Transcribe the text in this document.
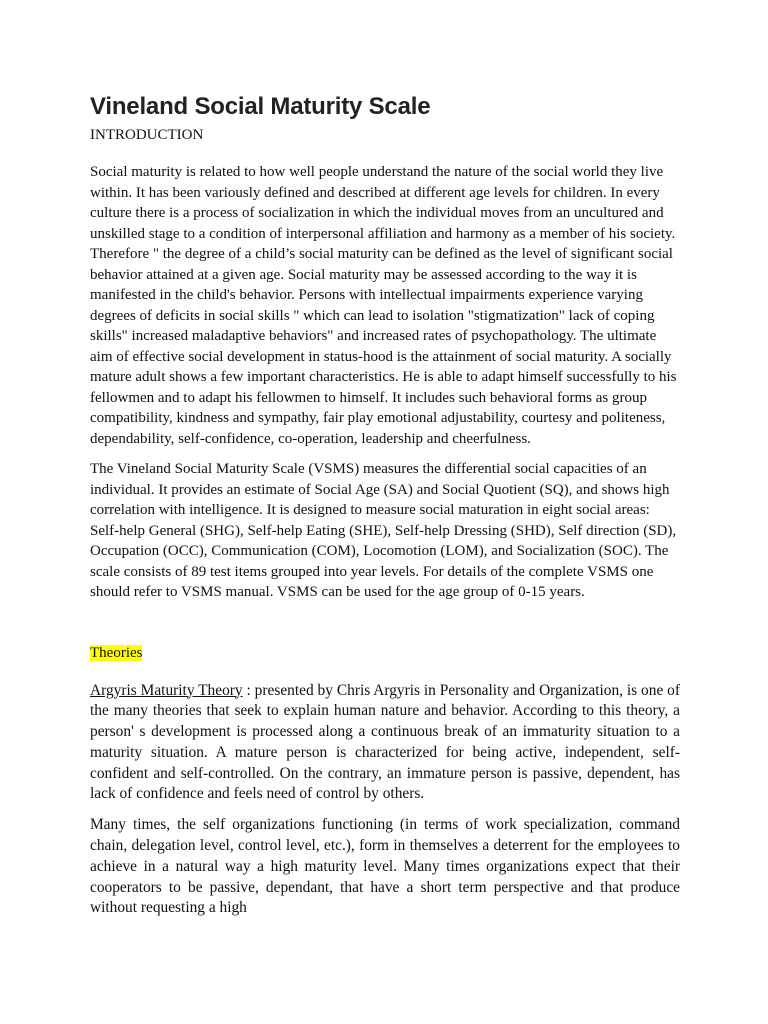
Vineland Social Maturity Scale
INTRODUCTION

Social maturity is related to how well people understand the nature of the social world they live within. It has been variously defined and described at different age levels for children. In every culture there is a process of socialization in which the individual moves from an uncultured and unskilled stage to a condition of interpersonal affiliation and harmony as a member of his society. Therefore " the degree of a child’s social maturity can be defined as the level of significant social behavior attained at a given age. Social maturity may be assessed according to the way it is manifested in the child's behavior. Persons with intellectual impairments experience varying degrees of deficits in social skills " which can lead to isolation "stigmatization" lack of coping skills" increased maladaptive behaviors" and increased rates of psychopathology. The ultimate aim of effective social development in status-hood is the attainment of social maturity. A socially mature adult shows a few important characteristics. He is able to adapt himself successfully to his fellowmen and to adapt his fellowmen to himself. It includes such behavioral forms as group compatibility, kindness and sympathy, fair play emotional adjustability, courtesy and politeness, dependability, self-confidence, co-operation, leadership and cheerfulness.

The Vineland Social Maturity Scale (VSMS) measures the differential social capacities of an individual. It provides an estimate of Social Age (SA) and Social Quotient (SQ), and shows high correlation with intelligence. It is designed to measure social maturation in eight social areas: Self-help General (SHG), Self-help Eating (SHE), Self-help Dressing (SHD), Self direction (SD), Occupation (OCC), Communication (COM), Locomotion (LOM), and Socialization (SOC). The scale consists of 89 test items grouped into year levels. For details of the complete VSMS one should refer to VSMS manual. VSMS can be used for the age group of 0-15 years.

Theories

Argyris Maturity Theory : presented by Chris Argyris in Personality and Organization, is one of the many theories that seek to explain human nature and behavior. According to this theory, a person' s development is processed along a continuous break of an immaturity situation to a maturity situation. A mature person is characterized for being active, independent, self-confident and self-controlled. On the contrary, an immature person is passive, dependent, has lack of confidence and feels need of control by others.

Many times, the self organizations functioning (in terms of work specialization, command chain, delegation level, control level, etc.), form in themselves a deterrent for the employees to achieve in a natural way a high maturity level. Many times organizations expect that their cooperators to be passive, dependant, that have a short term perspective and that produce without requesting a high
